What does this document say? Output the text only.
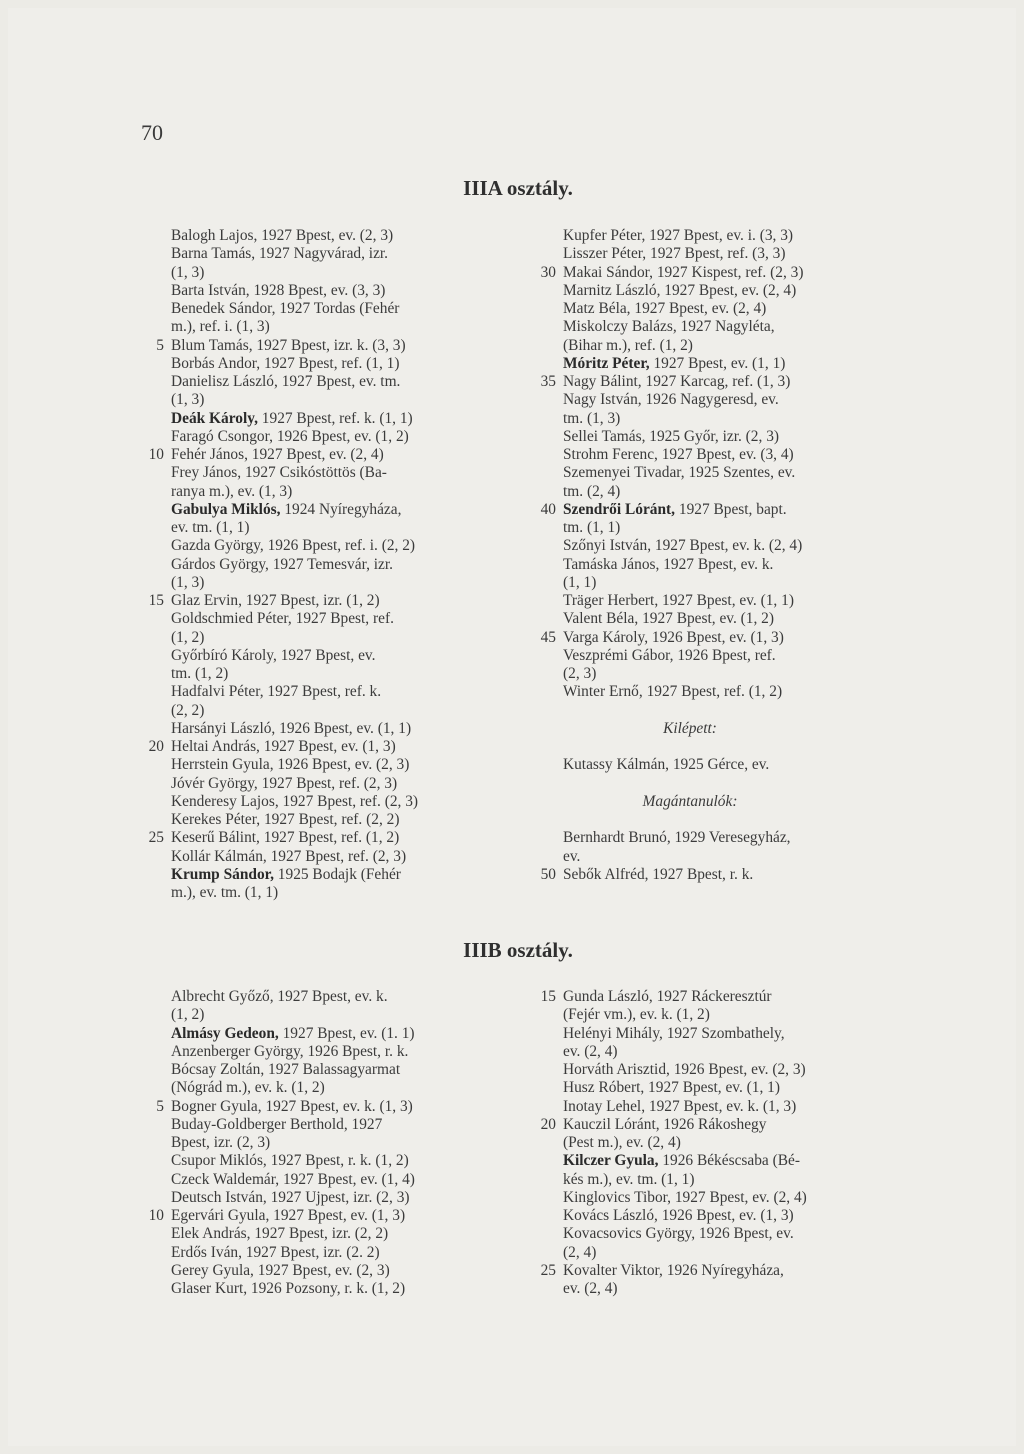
70
IIIA osztály.
Balogh Lajos, 1927 Bpest, ev. (2, 3)
Barna Tamás, 1927 Nagyvárad, izr.
(1, 3)
Barta István, 1928 Bpest, ev. (3, 3)
Benedek Sándor, 1927 Tordas (Fehér
m.), ref. i. (1, 3)
5 Blum Tamás, 1927 Bpest, izr. k. (3, 3)
Borbás Andor, 1927 Bpest, ref. (1, 1)
Danielisz László, 1927 Bpest, ev. tm.
(1, 3)
Deák Károly, 1927 Bpest, ref. k. (1, 1)
Faragó Csongor, 1926 Bpest, ev. (1, 2)
10 Fehér János, 1927 Bpest, ev. (2, 4)
Frey János, 1927 Csikóstöttös (Ba-
ranya m.), ev. (1, 3)
Gabulya Miklós, 1924 Nyíregyháza,
ev. tm. (1, 1)
Gazda György, 1926 Bpest, ref. i. (2, 2)
Gárdos György, 1927 Temesvár, izr.
(1, 3)
15 Glaz Ervin, 1927 Bpest, izr. (1, 2)
Goldschmied Péter, 1927 Bpest, ref.
(1, 2)
Győrbíró Károly, 1927 Bpest, ev.
tm. (1, 2)
Hadfalvi Péter, 1927 Bpest, ref. k.
(2, 2)
Harsányi László, 1926 Bpest, ev. (1, 1)
20 Heltai András, 1927 Bpest, ev. (1, 3)
Herrstein Gyula, 1926 Bpest, ev. (2, 3)
Jóvér György, 1927 Bpest, ref. (2, 3)
Kenderesy Lajos, 1927 Bpest, ref. (2, 3)
Kerekes Péter, 1927 Bpest, ref. (2, 2)
25 Keserű Bálint, 1927 Bpest, ref. (1, 2)
Kollár Kálmán, 1927 Bpest, ref. (2, 3)
Krump Sándor, 1925 Bodajk (Fehér
m.), ev. tm. (1, 1)
Kupfer Péter, 1927 Bpest, ev. i. (3, 3)
Lisszer Péter, 1927 Bpest, ref. (3, 3)
30 Makai Sándor, 1927 Kispest, ref. (2, 3)
Marnitz László, 1927 Bpest, ev. (2, 4)
Matz Béla, 1927 Bpest, ev. (2, 4)
Miskolczy Balázs, 1927 Nagyléta,
(Bihar m.), ref. (1, 2)
Móritz Péter, 1927 Bpest, ev. (1, 1)
35 Nagy Bálint, 1927 Karcag, ref. (1, 3)
Nagy István, 1926 Nagygeresd, ev.
tm. (1, 3)
Sellei Tamás, 1925 Győr, izr. (2, 3)
Strohm Ferenc, 1927 Bpest, ev. (3, 4)
Szemenyei Tivadar, 1925 Szentes, ev.
tm. (2, 4)
40 Szendrői Lóránt, 1927 Bpest, bapt.
tm. (1, 1)
Szőnyi István, 1927 Bpest, ev. k. (2, 4)
Tamáska János, 1927 Bpest, ev. k.
(1, 1)
Träger Herbert, 1927 Bpest, ev. (1, 1)
Valent Béla, 1927 Bpest, ev. (1, 2)
45 Varga Károly, 1926 Bpest, ev. (1, 3)
Veszprémi Gábor, 1926 Bpest, ref.
(2, 3)
Winter Ernő, 1927 Bpest, ref. (1, 2)
Kilépett:
Kutassy Kálmán, 1925 Gérce, ev.
Magántanulók:
Bernhardt Brunó, 1929 Veresegyház,
ev.
50 Sebők Alfréd, 1927 Bpest, r. k.
IIIB osztály.
Albrecht Győző, 1927 Bpest, ev. k.
(1, 2)
Almásy Gedeon, 1927 Bpest, ev. (1. 1)
Anzenberger György, 1926 Bpest, r. k.
Bócsay Zoltán, 1927 Balassagyarmat
(Nógrád m.), ev. k. (1, 2)
5 Bogner Gyula, 1927 Bpest, ev. k. (1, 3)
Buday-Goldberger Berthold, 1927
Bpest, izr. (2, 3)
Csupor Miklós, 1927 Bpest, r. k. (1, 2)
Czeck Waldemár, 1927 Bpest, ev. (1, 4)
Deutsch István, 1927 Ujpest, izr. (2, 3)
10 Egervári Gyula, 1927 Bpest, ev. (1, 3)
Elek András, 1927 Bpest, izr. (2, 2)
Erdős Iván, 1927 Bpest, izr. (2. 2)
Gerey Gyula, 1927 Bpest, ev. (2, 3)
Glaser Kurt, 1926 Pozsony, r. k. (1, 2)
15 Gunda László, 1927 Ráckeresztúr
(Fejér vm.), ev. k. (1, 2)
Helényi Mihály, 1927 Szombathely,
ev. (2, 4)
Horváth Arisztid, 1926 Bpest, ev. (2, 3)
Husz Róbert, 1927 Bpest, ev. (1, 1)
Inotay Lehel, 1927 Bpest, ev. k. (1, 3)
20 Kauczil Lóránt, 1926 Rákoshegy
(Pest m.), ev. (2, 4)
Kilczer Gyula, 1926 Békéscsaba (Bé-
kés m.), ev. tm. (1, 1)
Kinglovics Tibor, 1927 Bpest, ev. (2, 4)
Kovács László, 1926 Bpest, ev. (1, 3)
Kovacsovics György, 1926 Bpest, ev.
(2, 4)
25 Kovalter Viktor, 1926 Nyíregyháza,
ev. (2, 4)
